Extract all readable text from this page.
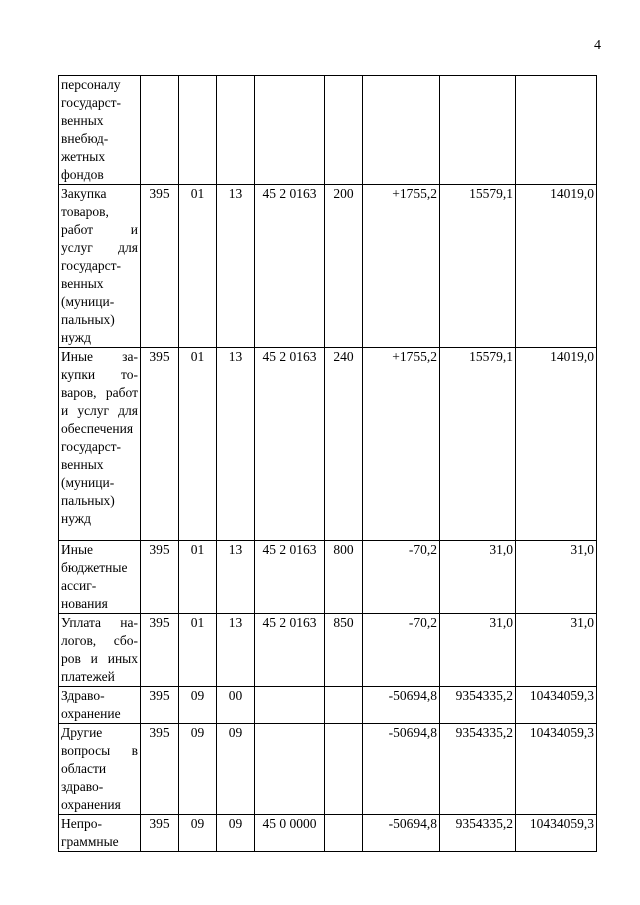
4
персоналу государственных внебюджетных фондов								
Закупка товаров, работ и услуг для государственных (муниципальных) нужд	395	01	13	45 2 0163	200	+1755,2	15579,1	14019,0
Иные закупки товаров, работ и услуг для обеспечения государственных (муниципальных) нужд	395	01	13	45 2 0163	240	+1755,2	15579,1	14019,0
Иные бюджетные ассигнования	395	01	13	45 2 0163	800	-70,2	31,0	31,0
Уплата налогов, сборов и иных платежей	395	01	13	45 2 0163	850	-70,2	31,0	31,0
Здравоохранение	395	09	00			-50694,8	9354335,2	10434059,3
Другие вопросы в области здравоохранения	395	09	09			-50694,8	9354335,2	10434059,3
Непрограммные	395	09	09	45 0 0000		-50694,8	9354335,2	10434059,3
